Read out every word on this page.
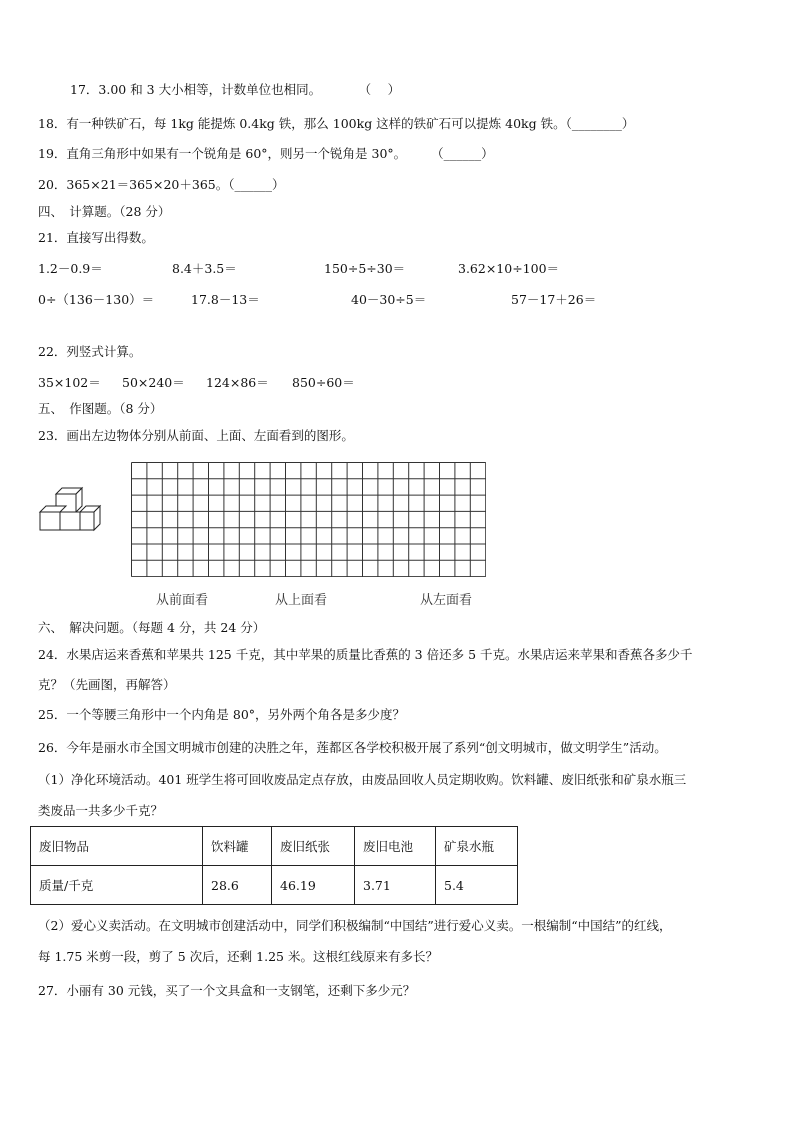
17．3.00 和 3 大小相等，计数单位也相同。　　　　（　 ）
18．有一种铁矿石，每 1kg 能提炼 0.4kg 铁，那么 100kg 这样的铁矿石可以提炼 40kg 铁。（________）
19．直角三角形中如果有一个锐角是 60°，则另一个锐角是 30°。　　　（______）
20．365×21＝365×20＋365。（______）
四、　计算题。（28 分）
21．直接写出得数。
1.2－0.9＝	8.4＋3.5＝	150÷5÷30＝	3.62×10÷100＝
0÷（136－130）＝	17.8－13＝	40－30÷5＝	57－17＋26＝
22．列竖式计算。
35×102＝ 50×240＝ 124×86＝ 850÷60＝
五、　作图题。（8 分）
23．画出左边物体分别从前面、上面、左面看到的图形。
从前面看	从上面看	从左面看
六、　解决问题。（每题 4 分，共 24 分）
24．水果店运来香蕉和苹果共 125 千克，其中苹果的质量比香蕉的 3 倍还多 5 千克。水果店运来苹果和香蕉各多少千
克？（先画图，再解答）
25．一个等腰三角形中一个内角是 80°，另外两个角各是多少度？
26．今年是丽水市全国文明城市创建的决胜之年，莲都区各学校积极开展了系列“创文明城市，做文明学生”活动。
（1）净化环境活动。401 班学生将可回收废品定点存放，由废品回收人员定期收购。饮料罐、废旧纸张和矿泉水瓶三
类废品一共多少千克？
废旧物品	饮料罐	废旧纸张	废旧电池	矿泉水瓶
质量/千克	28.6	46.19	3.71	5.4
（2）爱心义卖活动。在文明城市创建活动中，同学们积极编制“中国结”进行爱心义卖。一根编制“中国结”的红线，
每 1.75 米剪一段，剪了 5 次后，还剩 1.25 米。这根红线原来有多长？
27．小丽有 30 元钱，买了一个文具盒和一支钢笔，还剩下多少元？
